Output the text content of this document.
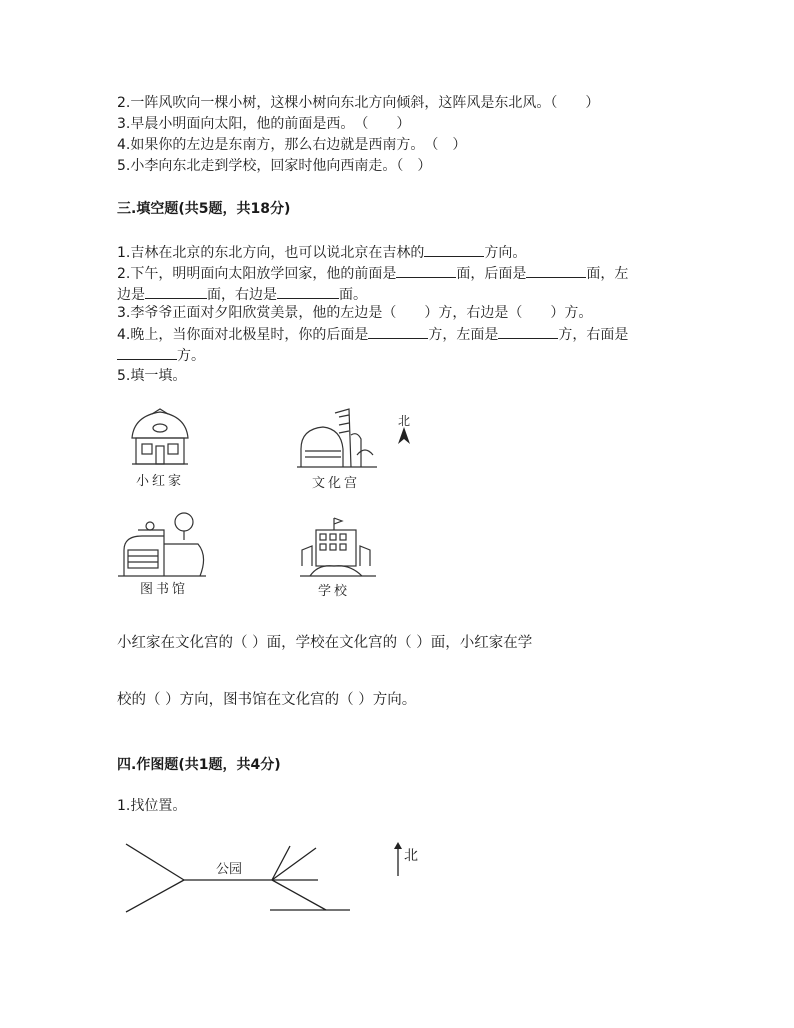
2.一阵风吹向一棵小树，这棵小树向东北方向倾斜，这阵风是东北风。（　　）
3.早晨小明面向太阳，他的前面是西。　（　　）
4.如果你的左边是东南方，那么右边就是西南方。　（　）
5.小李向东北走到学校，回家时他向西南走。（　）
三.填空题(共5题，共18分)
1.吉林在北京的东北方向，也可以说北京在吉林的	方向。
2.下午，明明面向太阳放学回家，他的前面是	面，后面是	面，左
边是	面，右边是	面。
3.李爷爷正面对夕阳欣赏美景，他的左边是（　　）方，右边是（　　）方。
4.晚上，当你面对北极星时，你的后面是	方，左面是	方，右面是
方。
5.填一填。
小红家	文化宫
北
图书馆	学校
小红家在文化宫的（ ）面，学校在文化宫的（ ）面，小红家在学
校的（ ）方向，图书馆在文化宫的（ ）方向。
四.作图题(共1题，共4分)
1.找位置。
公园
北
